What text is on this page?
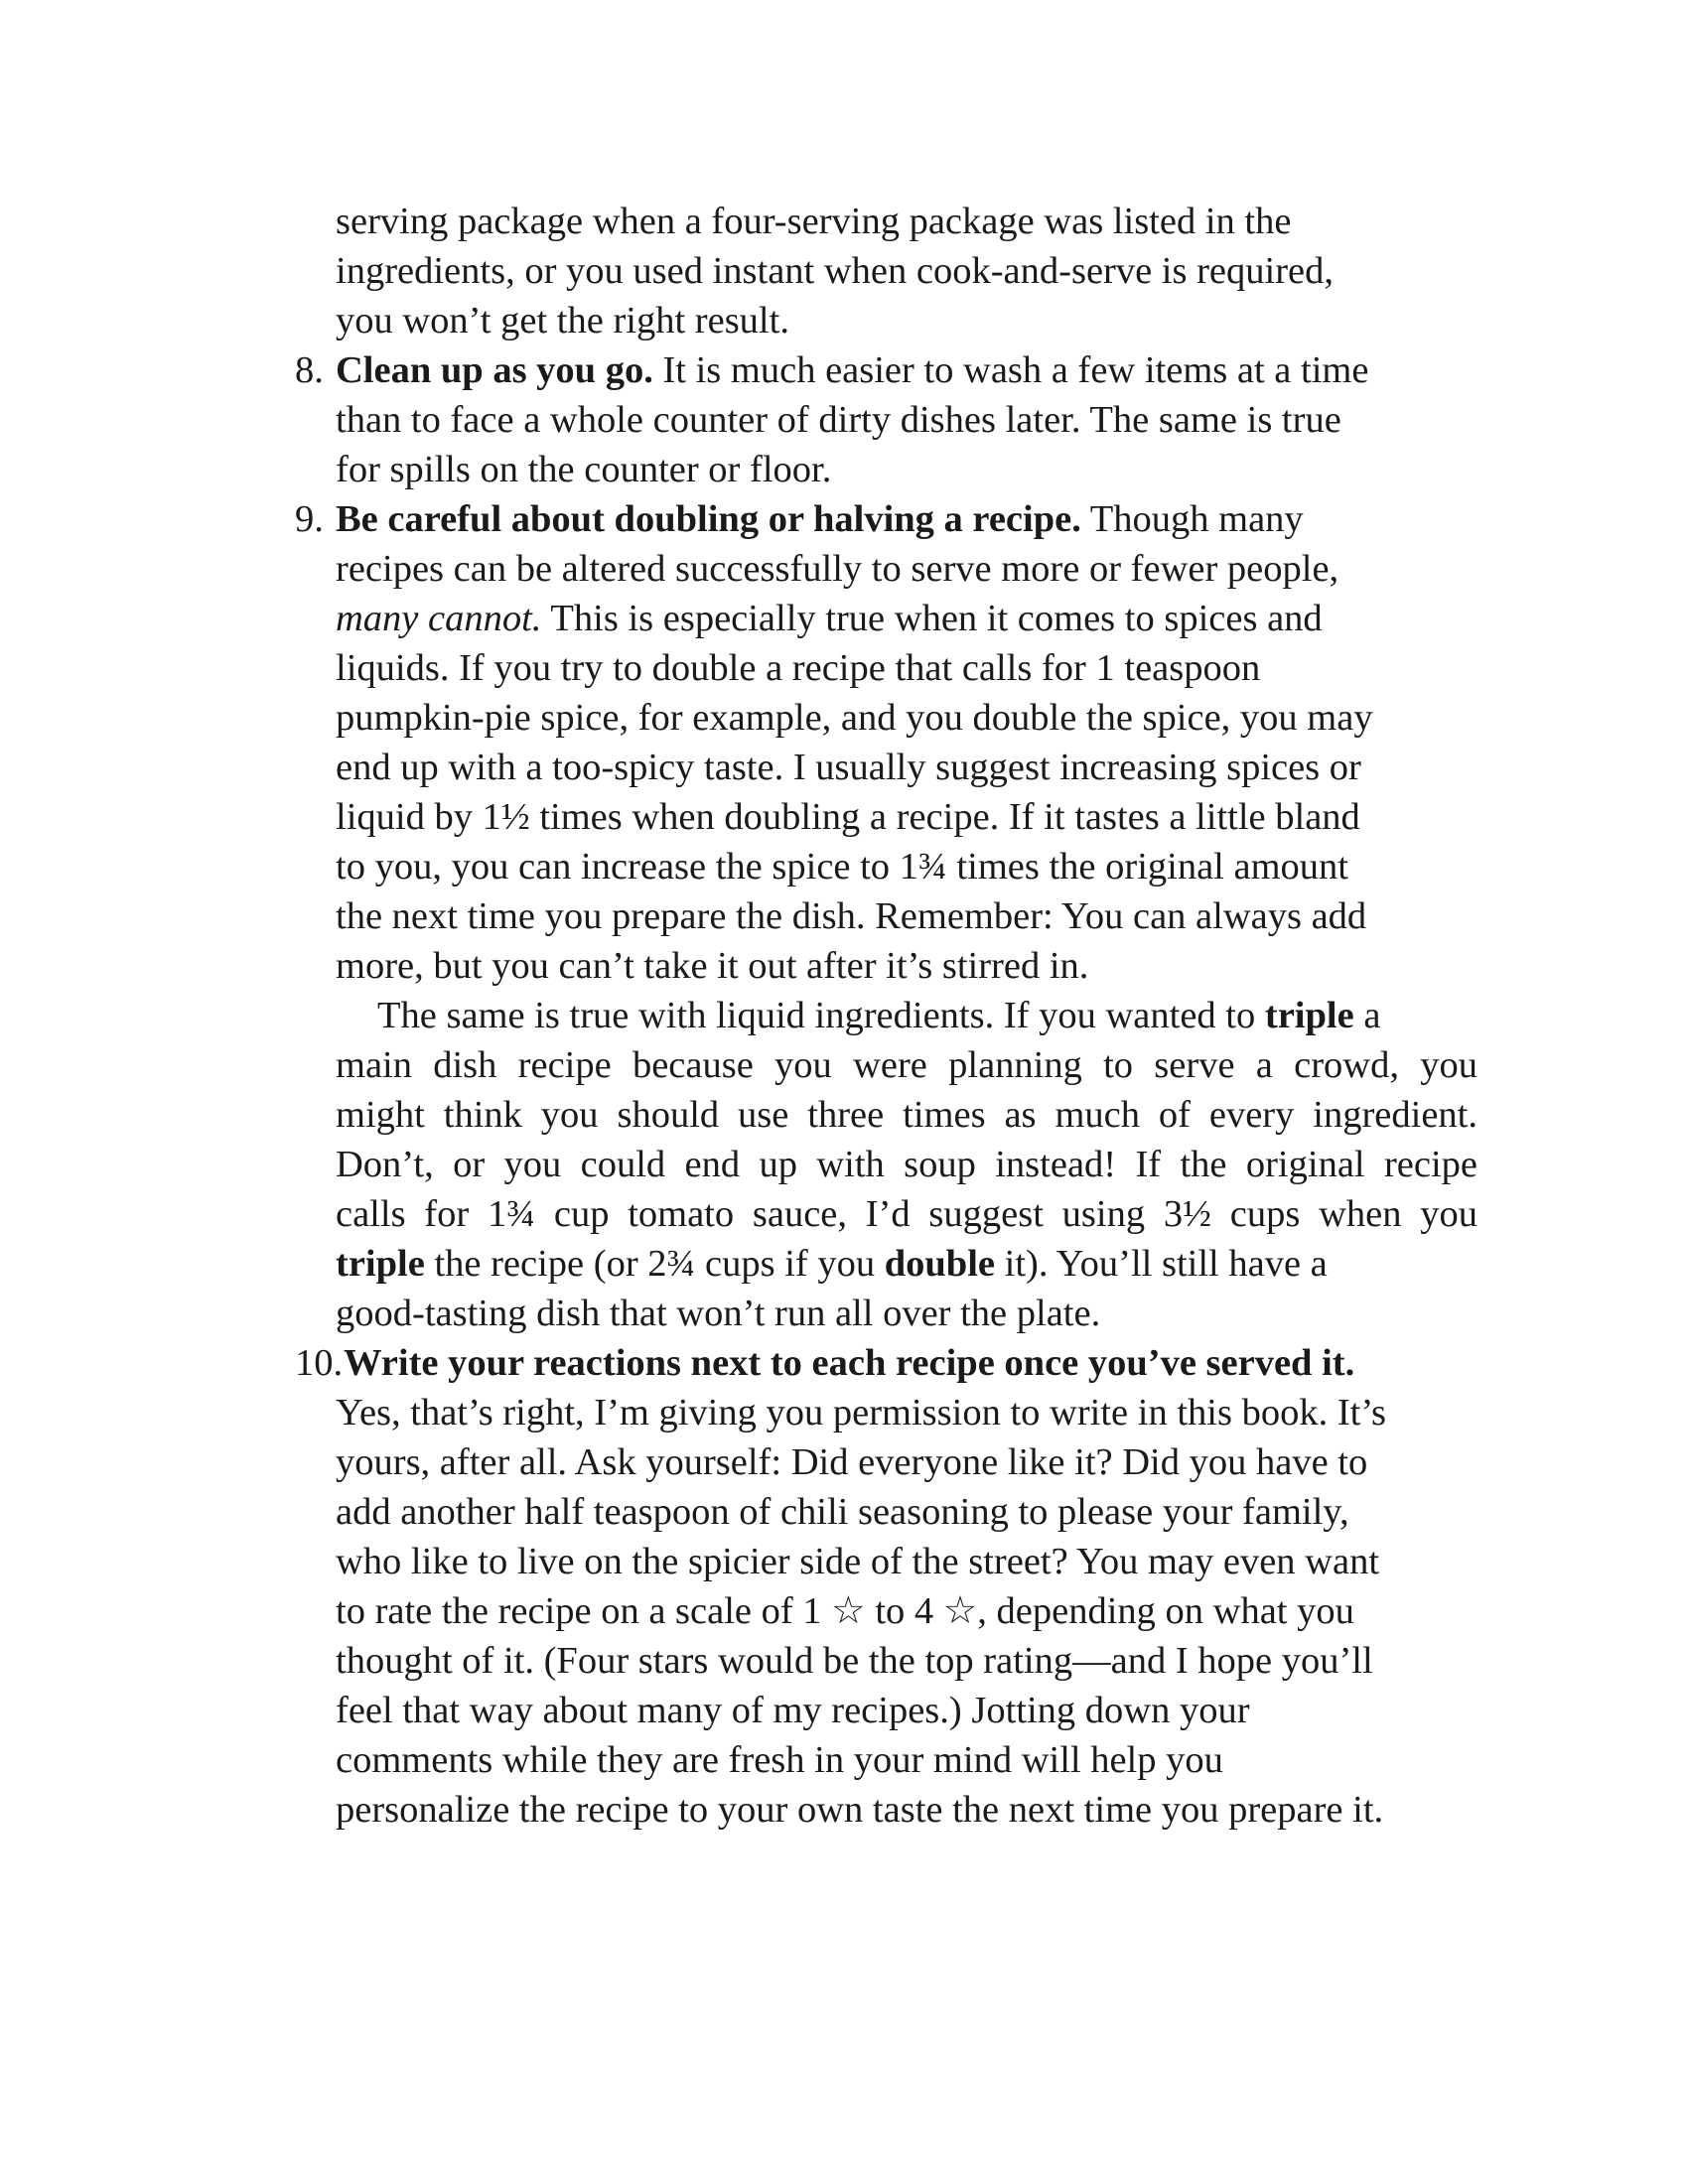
serving package when a four-serving package was listed in the
ingredients, or you used instant when cook-and-serve is required,
you won’t get the right result.
8. Clean up as you go. It is much easier to wash a few items at a time
than to face a whole counter of dirty dishes later. The same is true
for spills on the counter or floor.
9. Be careful about doubling or halving a recipe. Though many
recipes can be altered successfully to serve more or fewer people,
many cannot. This is especially true when it comes to spices and
liquids. If you try to double a recipe that calls for 1 teaspoon
pumpkin-pie spice, for example, and you double the spice, you may
end up with a too-spicy taste. I usually suggest increasing spices or
liquid by 1½ times when doubling a recipe. If it tastes a little bland
to you, you can increase the spice to 1¾ times the original amount
the next time you prepare the dish. Remember: You can always add
more, but you can’t take it out after it’s stirred in.
The same is true with liquid ingredients. If you wanted to triple a
main dish recipe because you were planning to serve a crowd, you
might think you should use three times as much of every ingredient.
Don’t, or you could end up with soup instead! If the original recipe
calls for 1¾ cup tomato sauce, I’d suggest using 3½ cups when you
triple the recipe (or 2¾ cups if you double it). You’ll still have a
good-tasting dish that won’t run all over the plate.
10. Write your reactions next to each recipe once you’ve served it.
Yes, that’s right, I’m giving you permission to write in this book. It’s
yours, after all. Ask yourself: Did everyone like it? Did you have to
add another half teaspoon of chili seasoning to please your family,
who like to live on the spicier side of the street? You may even want
to rate the recipe on a scale of 1 ☆ to 4 ☆, depending on what you
thought of it. (Four stars would be the top rating—and I hope you’ll
feel that way about many of my recipes.) Jotting down your
comments while they are fresh in your mind will help you
personalize the recipe to your own taste the next time you prepare it.
